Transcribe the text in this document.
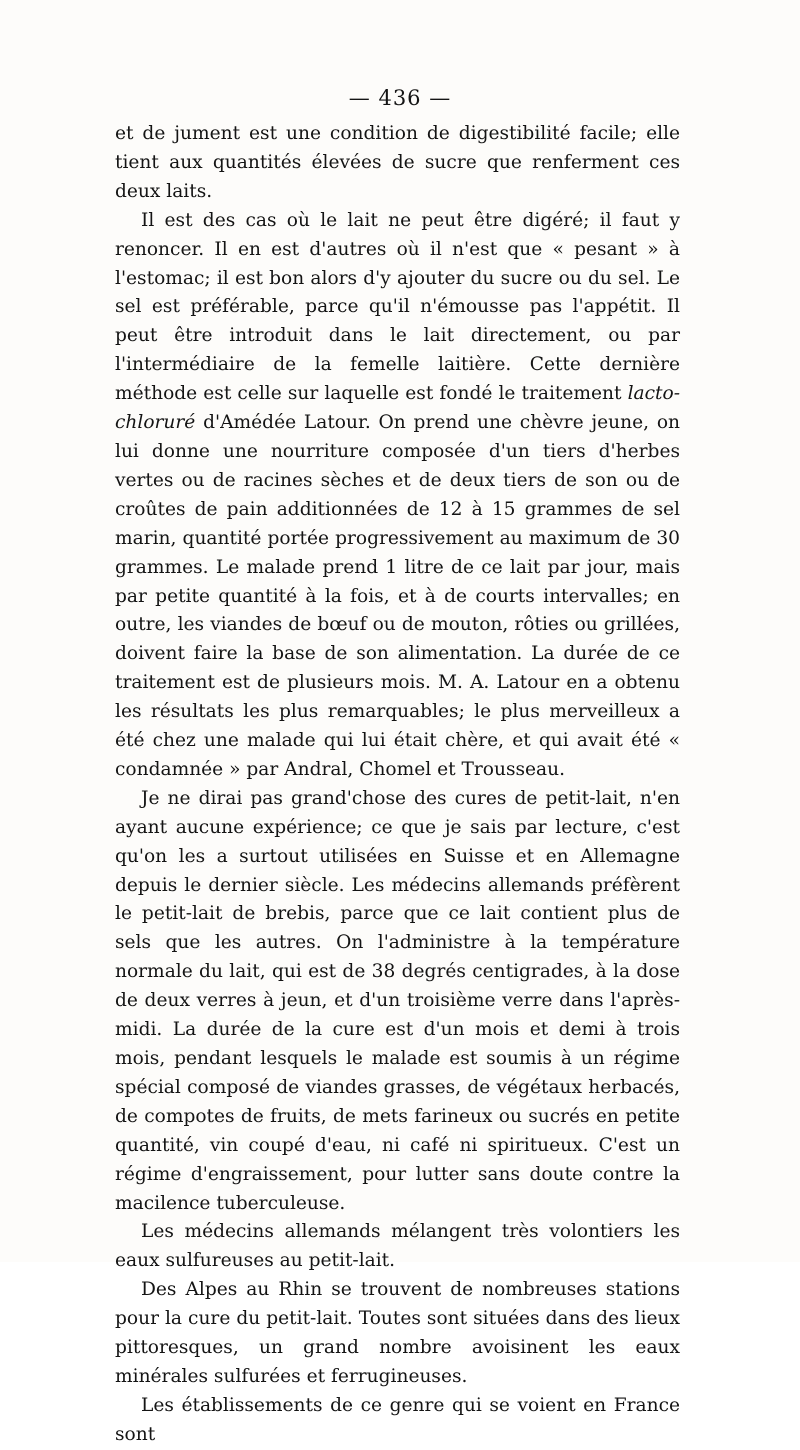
— 436 —

et de jument est une condition de digestibilité facile; elle tient aux quantités élevées de sucre que renferment ces deux laits.

Il est des cas où le lait ne peut être digéré; il faut y renoncer. Il en est d'autres où il n'est que « pesant » à l'estomac; il est bon alors d'y ajouter du sucre ou du sel. Le sel est préférable, parce qu'il n'émousse pas l'appétit. Il peut être introduit dans le lait directement, ou par l'intermédiaire de la femelle laitière. Cette dernière méthode est celle sur laquelle est fondé le traitement lacto-chloruré d'Amédée Latour. On prend une chèvre jeune, on lui donne une nourriture composée d'un tiers d'herbes vertes ou de racines sèches et de deux tiers de son ou de croûtes de pain additionnées de 12 à 15 grammes de sel marin, quantité portée progressivement au maximum de 30 grammes. Le malade prend 1 litre de ce lait par jour, mais par petite quantité à la fois, et à de courts intervalles; en outre, les viandes de bœuf ou de mouton, rôties ou grillées, doivent faire la base de son alimentation. La durée de ce traitement est de plusieurs mois. M. A. Latour en a obtenu les résultats les plus remarquables; le plus merveilleux a été chez une malade qui lui était chère, et qui avait été « condamnée » par Andral, Chomel et Trousseau.

Je ne dirai pas grand'chose des cures de petit-lait, n'en ayant aucune expérience; ce que je sais par lecture, c'est qu'on les a surtout utilisées en Suisse et en Allemagne depuis le dernier siècle. Les médecins allemands préfèrent le petit-lait de brebis, parce que ce lait contient plus de sels que les autres. On l'administre à la température normale du lait, qui est de 38 degrés centigrades, à la dose de deux verres à jeun, et d'un troisième verre dans l'après-midi. La durée de la cure est d'un mois et demi à trois mois, pendant lesquels le malade est soumis à un régime spécial composé de viandes grasses, de végétaux herbacés, de compotes de fruits, de mets farineux ou sucrés en petite quantité, vin coupé d'eau, ni café ni spiritueux. C'est un régime d'engraissement, pour lutter sans doute contre la macilence tuberculeuse.

Les médecins allemands mélangent très volontiers les eaux sulfureuses au petit-lait.

Des Alpes au Rhin se trouvent de nombreuses stations pour la cure du petit-lait. Toutes sont situées dans des lieux pittoresques, un grand nombre avoisinent les eaux minérales sulfurées et ferrugineuses.

Les établissements de ce genre qui se voient en France sont
